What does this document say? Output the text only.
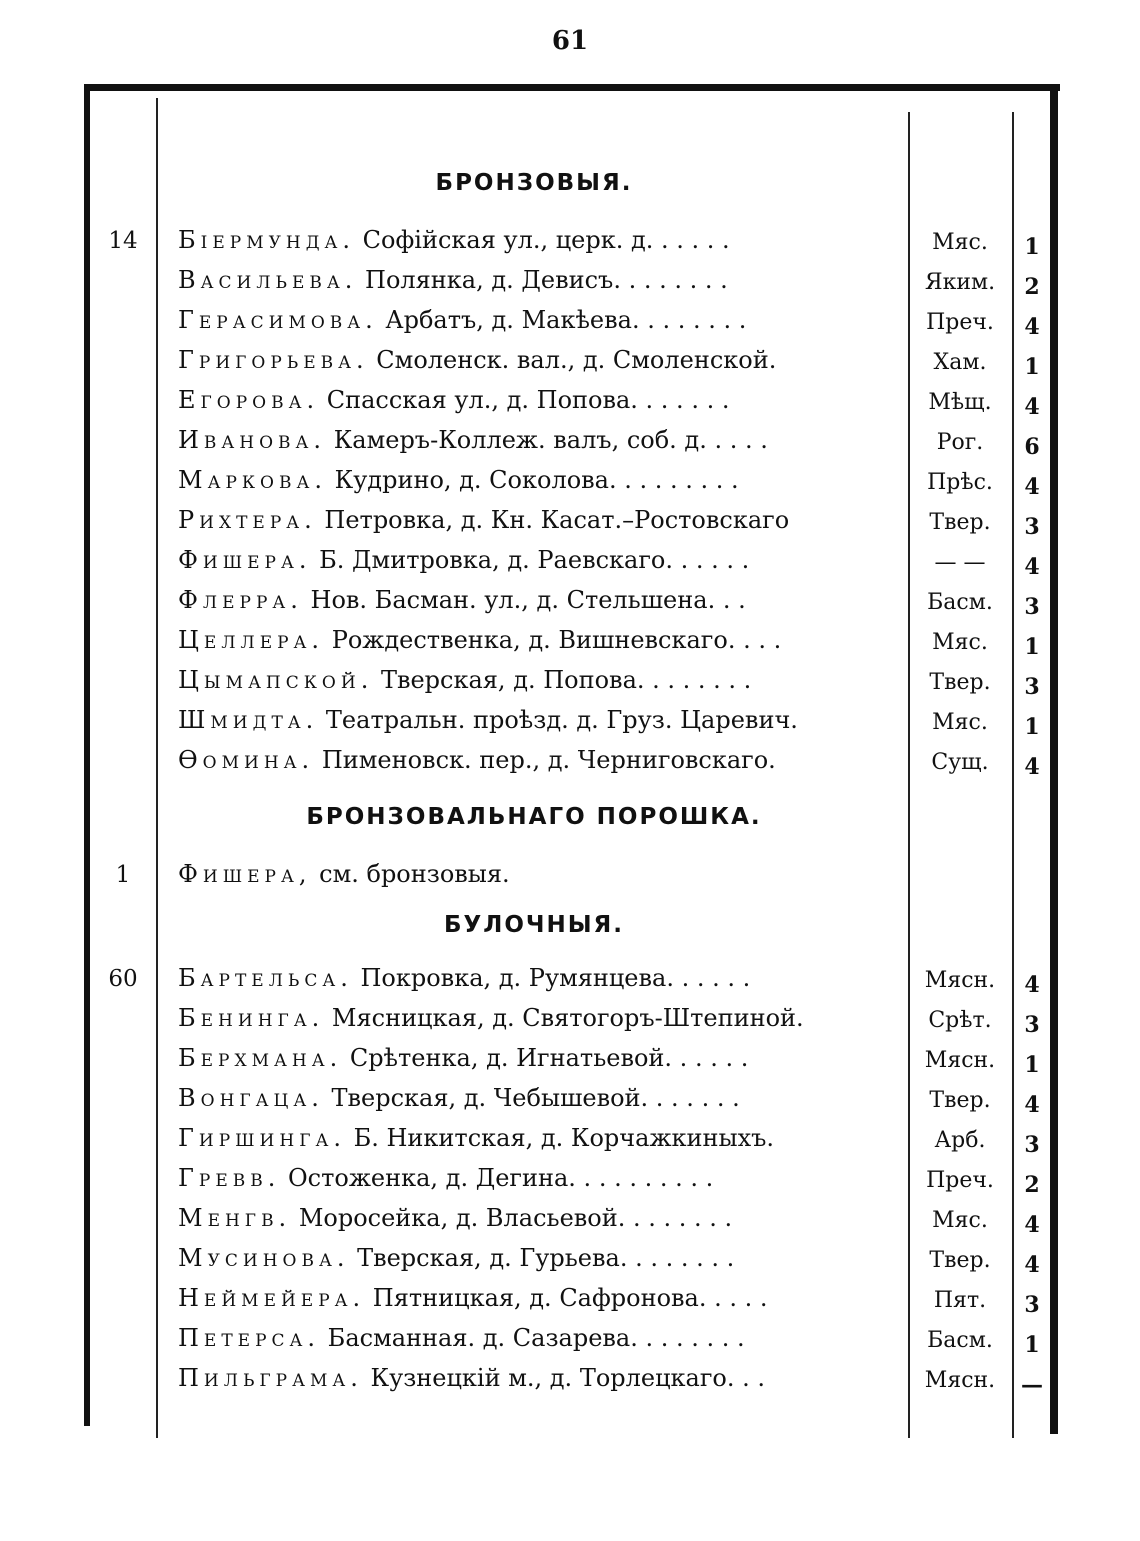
61
БРОНЗОВЫЯ.
14	Біермунда. Софійская ул., церк. д. . . . . .	Мяс.	1
Васильева. Полянка, д. Девисъ. . . . . . . .	Яким.	2
Герасимова. Арбатъ, д. Макѣева. . . . . . . .	Преч.	4
Григорьева. Смоленск. вал., д. Смоленской.	Хам.	1
Егорова. Спасская ул., д. Попова. . . . . . .	Мѣщ.	4
Иванова. Камеръ-Коллеж. валъ, соб. д. . . . .	Рог.	6
Маркова. Кудрино, д. Соколова. . . . . . . . .	Прѣс.	4
Рихтера. Петровка, д. Кн. Касат.–Ростовскаго	Твер.	3
Фишера. Б. Дмитровка, д. Раевскаго. . . . . .	— —	4
Флерра. Нов. Басман. ул., д. Стельшена. . .	Басм.	3
Целлера. Рождественка, д. Вишневскаго. . . .	Мяс.	1
Цымапской. Тверская, д. Попова. . . . . . . .	Твер.	3
Шмидта. Театральн. проѣзд. д. Груз. Царевич.	Мяс.	1
Ѳомина. Пименовск. пер., д. Черниговскаго.	Сущ.	4
БРОНЗОВАЛЬНАГО ПОРОШКА.
1	Фишера, см. бронзовыя.
БУЛОЧНЫЯ.
60	Бартельса. Покровка, д. Румянцева. . . . . .	Мясн.	4
Бенинга. Мясницкая, д. Святогоръ-Штепиной.	Срѣт.	3
Берхмана. Срѣтенка, д. Игнатьевой. . . . . .	Мясн.	1
Вонгаца. Тверская, д. Чебышевой. . . . . . .	Твер.	4
Гиршинга. Б. Никитская, д. Корчажкиныхъ.	Арб.	3
Гревв. Остоженка, д. Дегина. . . . . . . . . .	Преч.	2
Менгв. Моросейка, д. Власьевой. . . . . . . .	Мяс.	4
Мусинова. Тверская, д. Гурьева. . . . . . . .	Твер.	4
Неймейера. Пятницкая, д. Сафронова. . . . .	Пят.	3
Петерса. Басманная. д. Сазарева. . . . . . . .	Басм.	1
Пильграма. Кузнецкій м., д. Торлецкаго. . .	Мясн.	—
